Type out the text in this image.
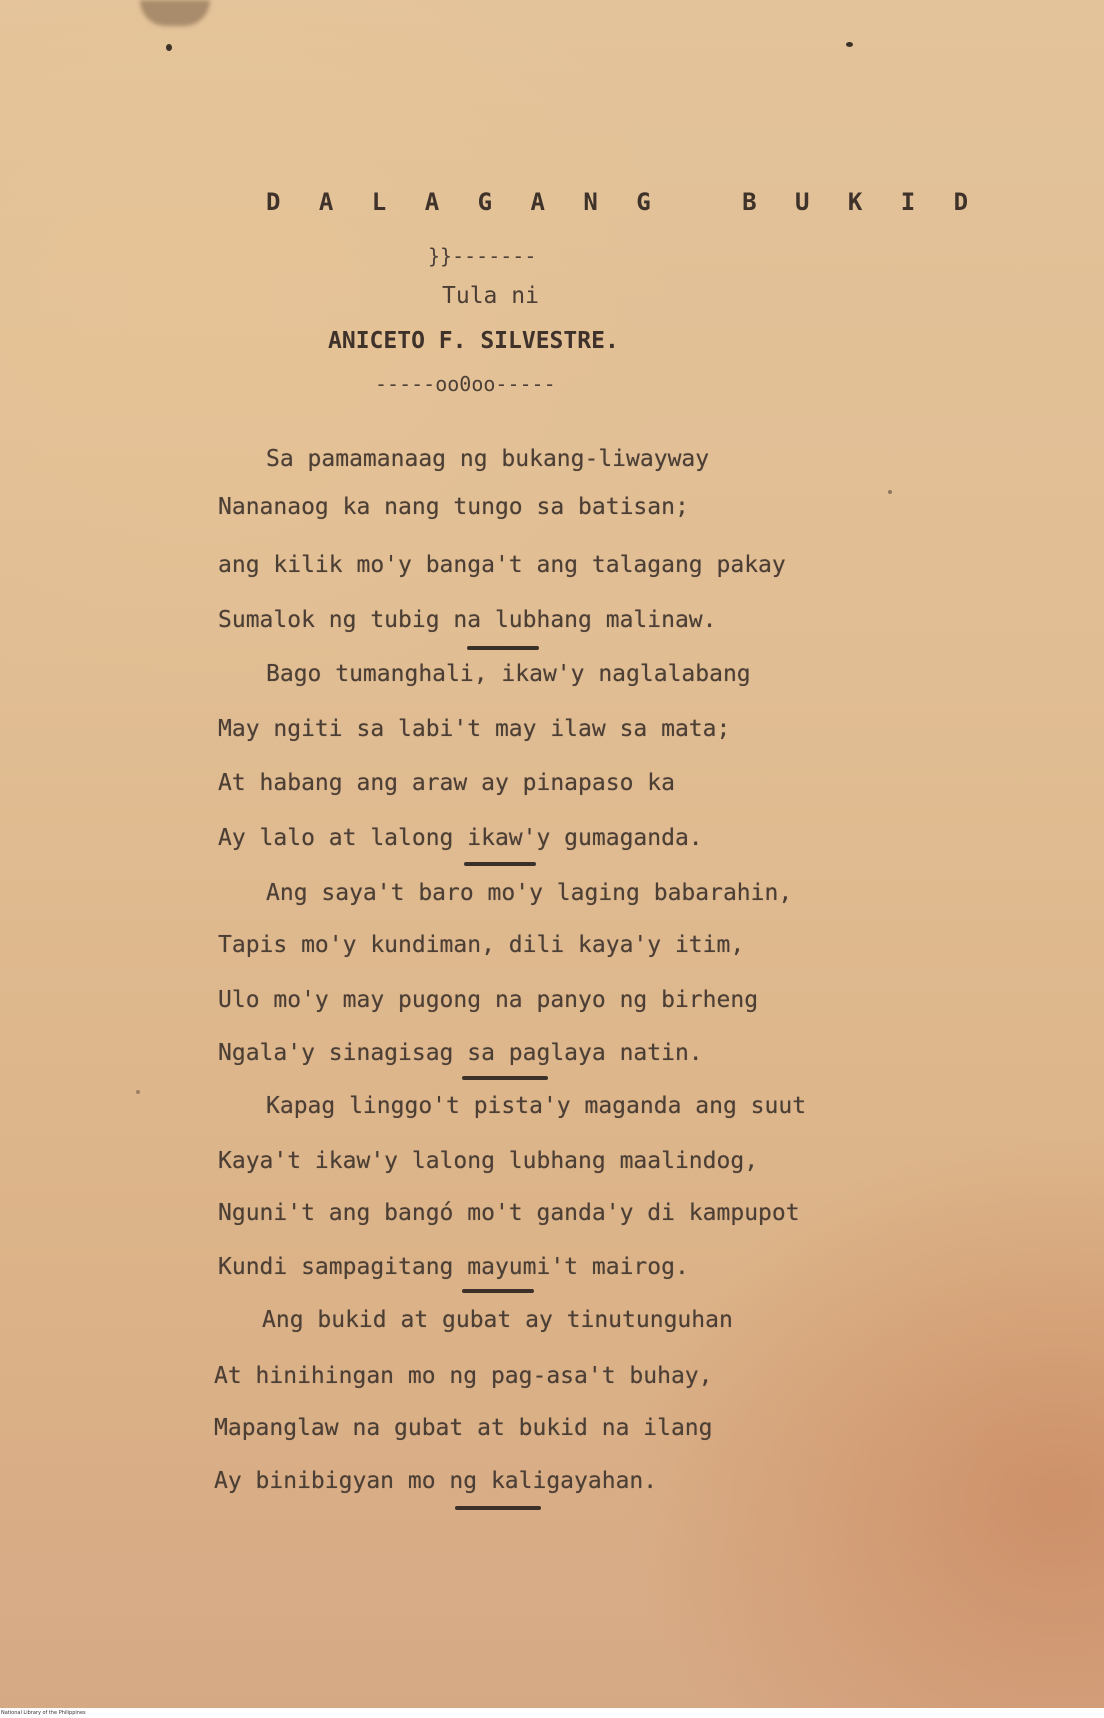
D A L A G A N G   B U K I D
}}-------
Tula ni
ANICETO F. SILVESTRE.
-----oo0oo-----
Sa pamamanaag ng bukang-liwayway
Nananaog ka nang tungo sa batisan;
ang kilik mo'y banga't ang talagang pakay
Sumalok ng tubig na lubhang malinaw.
Bago tumanghali, ikaw'y naglalabang
May ngiti sa labi't may ilaw sa mata;
At habang ang araw ay pinapaso ka
Ay lalo at lalong ikaw'y gumaganda.
Ang saya't baro mo'y laging babarahin,
Tapis mo'y kundiman, dili kaya'y itim,
Ulo mo'y may pugong na panyo ng birheng
Ngala'y sinagisag sa paglaya natin.
Kapag linggo't pista'y maganda ang suut
Kaya't ikaw'y lalong lubhang maalindog,
Nguni't ang bangó mo't ganda'y di kampupot
Kundi sampagitang mayumi't mairog.
Ang bukid at gubat ay tinutunguhan
At hinihingan mo ng pag-asa't buhay,
Mapanglaw na gubat at bukid na ilang
Ay binibigyan mo ng kaligayahan.
National Library of the Philippines
